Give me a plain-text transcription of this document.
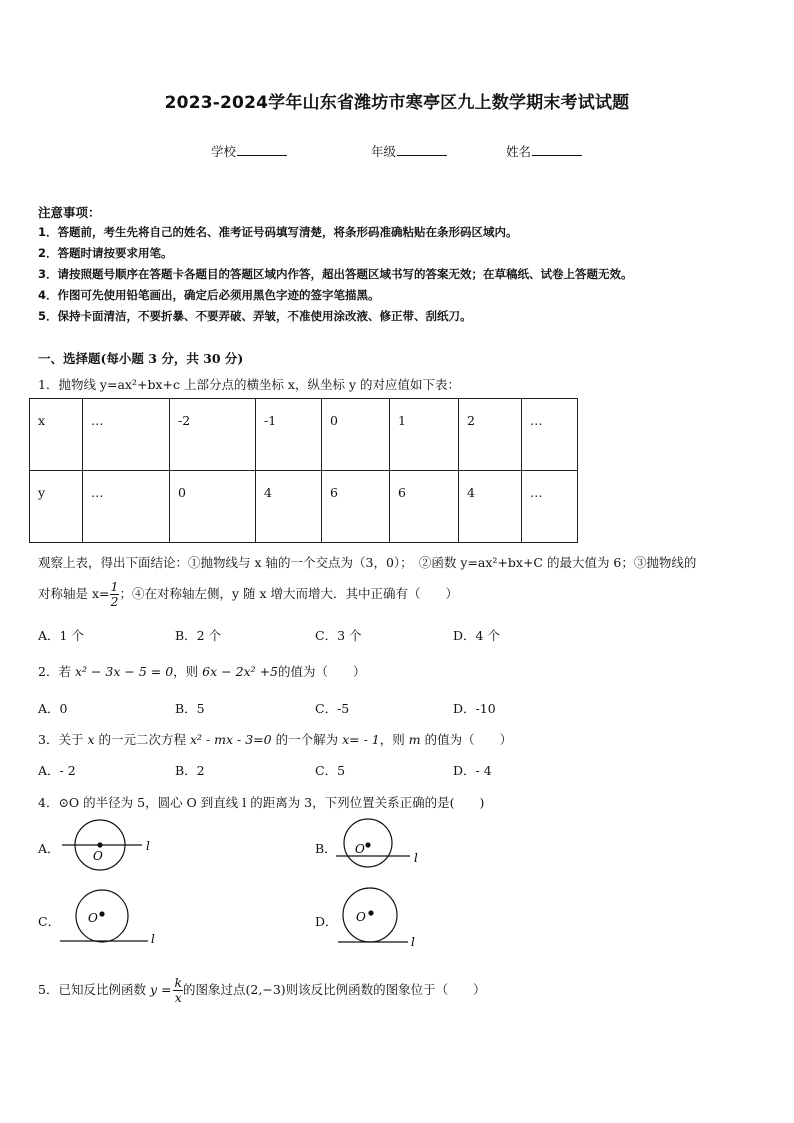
2023-2024学年山东省潍坊市寒亭区九上数学期末考试试题
学校	年级	姓名
注意事项：
1．答题前，考生先将自己的姓名、准考证号码填写清楚，将条形码准确粘贴在条形码区域内。
2．答题时请按要求用笔。
3．请按照题号顺序在答题卡各题目的答题区域内作答，超出答题区域书写的答案无效；在草稿纸、试卷上答题无效。
4．作图可先使用铅笔画出，确定后必须用黑色字迹的签字笔描黑。
5．保持卡面清洁，不要折暴、不要弄破、弄皱，不准使用涂改液、修正带、刮纸刀。
一、选择题(每小题 3 分，共 30 分)
1．抛物线 y=ax²+bx+c 上部分点的横坐标 x，纵坐标 y 的对应值如下表：
x	…	-2	-1	0	1	2	…
y	…	0	4	6	6	4	…
观察上表，得出下面结论：①抛物线与 x 轴的一个交点为（3，0）；　②函数 y=ax²+bx+C 的最大值为 6；③抛物线的
对称轴是 $x= \frac{1}{2}$ ；④在对称轴左侧，y 随 x 增大而增大．其中正确有（　　）
A．1 个	B．2 个	C．3 个	D．4 个
2．若 x² − 3x − 5 = 0，则 6x − 2x² +5的值为（　　）
A．0	B．5	C．-5	D．-10
3．关于 x 的一元二次方程 x² - mx - 3=0 的一个解为 x= - 1，则 m 的值为（　　）
A．- 2	B．2	C．5	D．- 4
4．⊙O 的半径为 5，圆心 O 到直线 l 的距离为 3，下列位置关系正确的是(　　)
A．	O
l	B． O
l
C． O
l
D． O
l
5．已知反比例函数 $y = \frac{k}{x}$ 的图象过点(2,−3)则该反比例函数的图象位于（　　）
